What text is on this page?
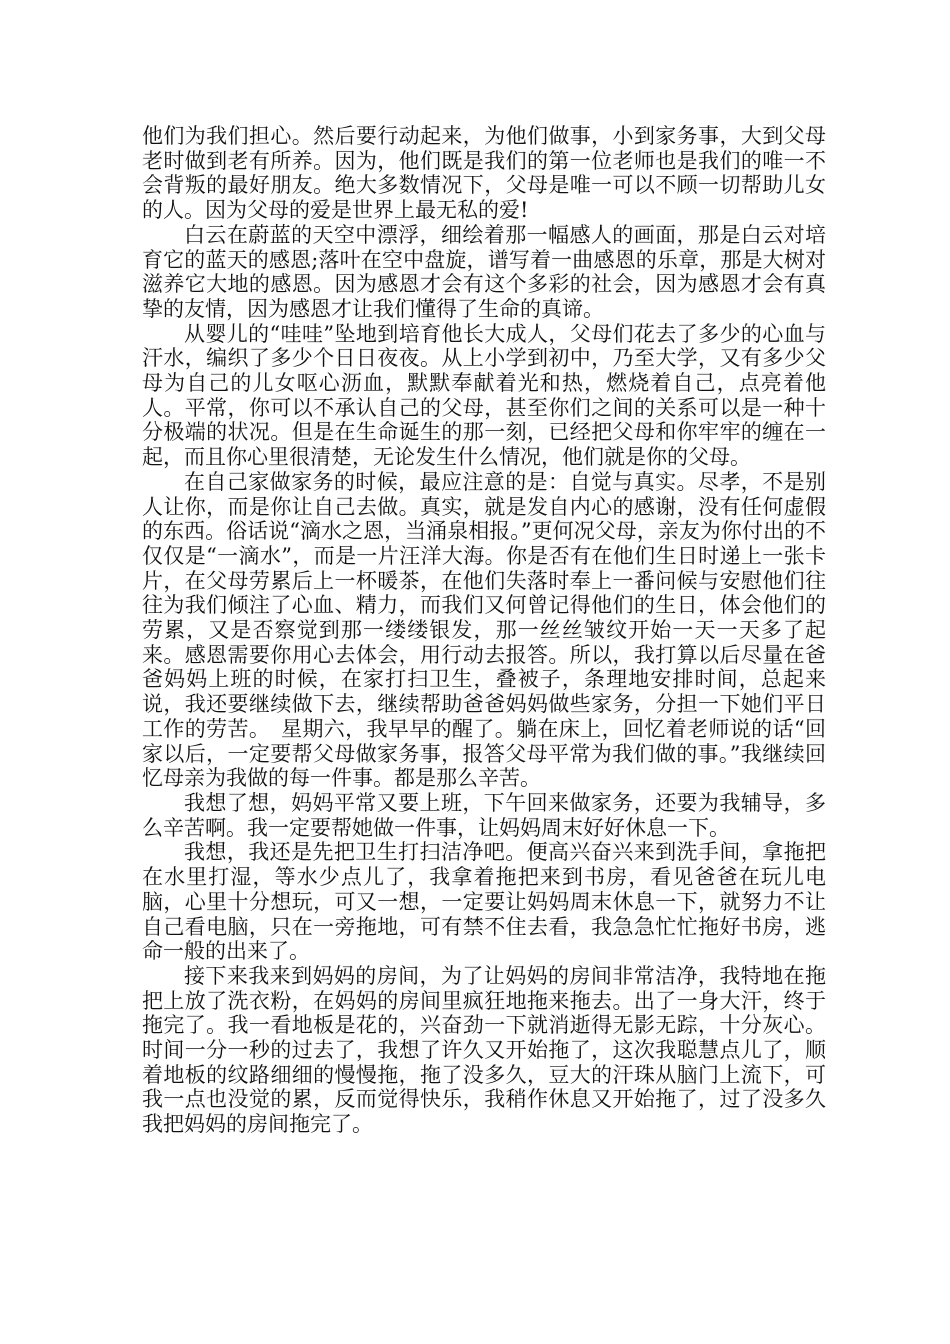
他们为我们担心。然后要行动起来，为他们做事，小到家务事，大到父母老时做到老有所养。因为，他们既是我们的第一位老师也是我们的唯一不会背叛的最好朋友。绝大多数情况下，父母是唯一可以不顾一切帮助儿女的人。因为父母的爱是世界上最无私的爱!

白云在蔚蓝的天空中漂浮，细绘着那一幅感人的画面，那是白云对培育它的蓝天的感恩;落叶在空中盘旋，谱写着一曲感恩的乐章，那是大树对滋养它大地的感恩。因为感恩才会有这个多彩的社会，因为感恩才会有真挚的友情，因为感恩才让我们懂得了生命的真谛。

从婴儿的“哇哇”坠地到培育他长大成人，父母们花去了多少的心血与汗水，编织了多少个日日夜夜。从上小学到初中，乃至大学，又有多少父母为自己的儿女呕心沥血，默默奉献着光和热，燃烧着自己，点亮着他人。平常，你可以不承认自己的父母，甚至你们之间的关系可以是一种十分极端的状况。但是在生命诞生的那一刻，已经把父母和你牢牢的缠在一起，而且你心里很清楚，无论发生什么情况，他们就是你的父母。

在自己家做家务的时候，最应注意的是：自觉与真实。尽孝，不是别人让你，而是你让自己去做。真实，就是发自内心的感谢，没有任何虚假的东西。俗话说“滴水之恩，当涌泉相报。”更何况父母，亲友为你付出的不仅仅是“一滴水”，而是一片汪洋大海。你是否有在他们生日时递上一张卡片，在父母劳累后上一杯暖茶，在他们失落时奉上一番问候与安慰他们往往为我们倾注了心血、精力，而我们又何曾记得他们的生日，体会他们的劳累，又是否察觉到那一缕缕银发，那一丝丝皱纹开始一天一天多了起来。感恩需要你用心去体会，用行动去报答。所以，我打算以后尽量在爸爸妈妈上班的时候，在家打扫卫生，叠被子，条理地安排时间，总起来说，我还要继续做下去，继续帮助爸爸妈妈做些家务，分担一下她们平日工作的劳苦。　星期六，我早早的醒了。躺在床上，回忆着老师说的话“回家以后，一定要帮父母做家务事，报答父母平常为我们做的事。”我继续回忆母亲为我做的每一件事。都是那么辛苦。

我想了想，妈妈平常又要上班，下午回来做家务，还要为我辅导，多么辛苦啊。我一定要帮她做一件事，让妈妈周末好好休息一下。

我想，我还是先把卫生打扫洁净吧。便高兴奋兴来到洗手间，拿拖把在水里打湿，等水少点儿了，我拿着拖把来到书房，看见爸爸在玩儿电脑，心里十分想玩，可又一想，一定要让妈妈周末休息一下，就努力不让自己看电脑，只在一旁拖地，可有禁不住去看，我急急忙忙拖好书房，逃命一般的出来了。

接下来我来到妈妈的房间，为了让妈妈的房间非常洁净，我特地在拖把上放了洗衣粉，在妈妈的房间里疯狂地拖来拖去。出了一身大汗，终于拖完了。我一看地板是花的，兴奋劲一下就消逝得无影无踪，十分灰心。时间一分一秒的过去了，我想了许久又开始拖了，这次我聪慧点儿了，顺着地板的纹路细细的慢慢拖，拖了没多久，豆大的汗珠从脑门上流下，可我一点也没觉的累，反而觉得快乐，我稍作休息又开始拖了，过了没多久我把妈妈的房间拖完了。
